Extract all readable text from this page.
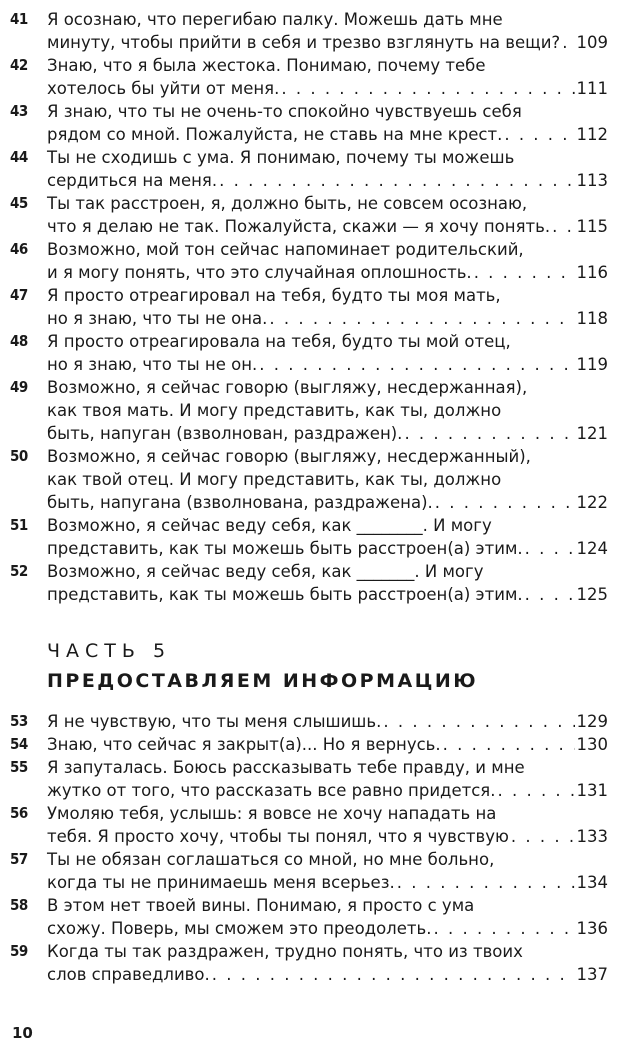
41	Я осознаю, что перегибаю палку. Можешь дать мне
минуту, чтобы прийти в себя и трезво взглянуть на вещи? . . . 109
42	Знаю, что я была жестока. Понимаю, почему тебе
хотелось бы уйти от меня. . . .	111
43	Я знаю, что ты не очень-то спокойно чувствуешь себя
рядом со мной. Пожалуйста, не ставь на мне крест. . . .	112
44	Ты не сходишь с ума. Я понимаю, почему ты можешь
сердиться на меня. . . .	113
45	Ты так расстроен, я, должно быть, не совсем осознаю,
что я делаю не так. Пожалуйста, скажи — я хочу понять. . . . 115
46	Возможно, мой тон сейчас напоминает родительский,
и я могу понять, что это случайная оплошность. . . .	116
47	Я просто отреагировал на тебя, будто ты моя мать,
но я знаю, что ты не она. . . .	118
48	Я просто отреагировала на тебя, будто ты мой отец,
но я знаю, что ты не он. . . .	119
49	Возможно, я сейчас говорю (выгляжу, несдержанная),
как твоя мать. И могу представить, как ты, должно
быть, напуган (взволнован, раздражен). . . .	121
50	Возможно, я сейчас говорю (выгляжу, несдержанный),
как твой отец. И могу представить, как ты, должно
быть, напугана (взволнована, раздражена). . . .	122
51	Возможно, я сейчас веду себя, как ________. И могу
представить, как ты можешь быть расстроен(а) этим. . . .	124
52	Возможно, я сейчас веду себя, как _______. И могу
представить, как ты можешь быть расстроен(а) этим. . . .	125
ЧАСТЬ 5
ПРЕДОСТАВЛЯЕМ ИНФОРМАЦИЮ
53	Я не чувствую, что ты меня слышишь. . . .	129
54	Знаю, что сейчас я закрыт(а)... Но я вернусь. . . .	130
55	Я запуталась. Боюсь рассказывать тебе правду, и мне
жутко от того, что рассказать все равно придется. . . .	131
56	Умоляю тебя, услышь: я вовсе не хочу нападать на
тебя. Я просто хочу, чтобы ты понял, что я чувствую . . .	133
57	Ты не обязан соглашаться со мной, но мне больно,
когда ты не принимаешь меня всерьез. . . .	134
58	В этом нет твоей вины. Понимаю, я просто с ума
схожу. Поверь, мы сможем это преодолеть. . . .	136
59	Когда ты так раздражен, трудно понять, что из твоих
слов справедливо. . . .	137
10
